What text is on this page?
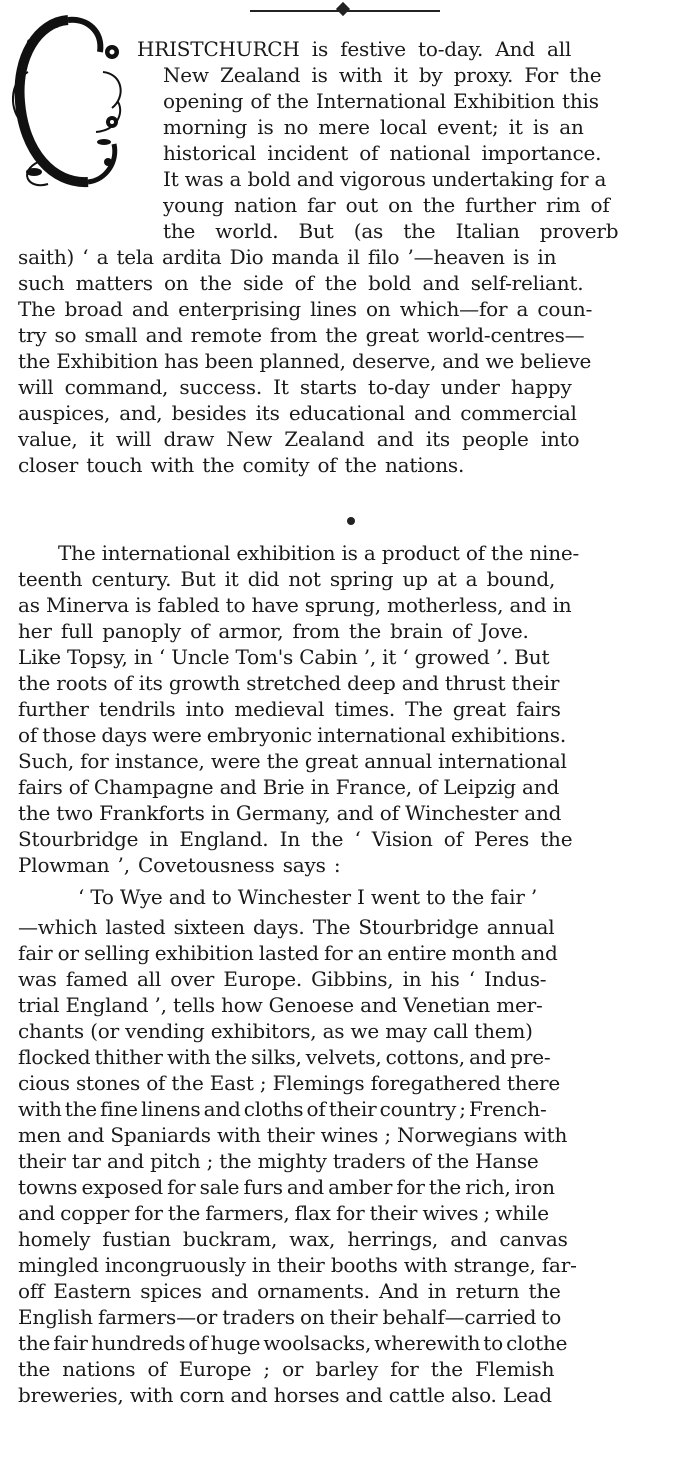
HRISTCHURCH is festive to-day. And all
New Zealand is with it by proxy. For the
opening of the International Exhibition this
morning is no mere local event; it is an
historical incident of national importance.
It was a bold and vigorous undertaking for a
young nation far out on the further rim of
the world. But (as the Italian proverb
saith) ‘ a tela ardita Dio manda il filo ’—heaven is in
such matters on the side of the bold and self-reliant.
The broad and enterprising lines on which—for a coun-
try so small and remote from the great world-centres—
the Exhibition has been planned, deserve, and we believe
will command, success. It starts to-day under happy
auspices, and, besides its educational and commercial
value, it will draw New Zealand and its people into
closer touch with the comity of the nations.
The international exhibition is a product of the nine-
teenth century. But it did not spring up at a bound,
as Minerva is fabled to have sprung, motherless, and in
her full panoply of armor, from the brain of Jove.
Like Topsy, in ‘ Uncle Tom's Cabin ’, it ‘ growed ’. But
the roots of its growth stretched deep and thrust their
further tendrils into medieval times. The great fairs
of those days were embryonic international exhibitions.
Such, for instance, were the great annual international
fairs of Champagne and Brie in France, of Leipzig and
the two Frankforts in Germany, and of Winchester and
Stourbridge in England. In the ‘ Vision of Peres the
Plowman ’, Covetousness says :
‘ To Wye and to Winchester I went to the fair ’
—which lasted sixteen days. The Stourbridge annual
fair or selling exhibition lasted for an entire month and
was famed all over Europe. Gibbins, in his ‘ Indus-
trial England ’, tells how Genoese and Venetian mer-
chants (or vending exhibitors, as we may call them)
flocked thither with the silks, velvets, cottons, and pre-
cious stones of the East ; Flemings foregathered there
with the fine linens and cloths of their country ; French-
men and Spaniards with their wines ; Norwegians with
their tar and pitch ; the mighty traders of the Hanse
towns exposed for sale furs and amber for the rich, iron
and copper for the farmers, flax for their wives ; while
homely fustian buckram, wax, herrings, and canvas
mingled incongruously in their booths with strange, far-
off Eastern spices and ornaments. And in return the
English farmers—or traders on their behalf—carried to
the fair hundreds of huge woolsacks, wherewith to clothe
the nations of Europe ; or barley for the Flemish
breweries, with corn and horses and cattle also. Lead
